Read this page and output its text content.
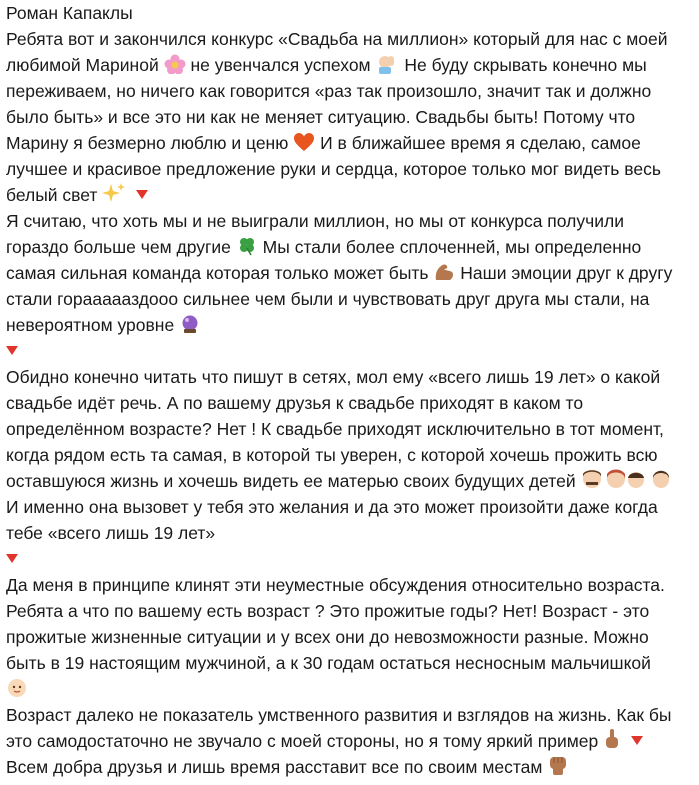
Роман Капаклы
Ребята вот и закончился конкурс «Свадьба на миллион» который для нас с моей
любимой Мариной не увенчался успехом Не буду скрывать конечно мы
переживаем, но ничего как говорится «раз так произошло, значит так и должно
было быть» и все это ни как не меняет ситуацию. Свадьбы быть! Потому что
Марину я безмерно люблю и ценю И в ближайшее время я сделаю, самое
лучшее и красивое предложение руки и сердца, которое только мог видеть весь
белый свет
Я считаю, что хоть мы и не выиграли миллион, но мы от конкурса получили
гораздо больше чем другие Мы стали более сплоченней, мы определенно
самая сильная команда которая только может быть Наши эмоции друг к другу
стали гораааааздооо сильнее чем были и чувствовать друг друга мы стали, на
невероятном уровне
Обидно конечно читать что пишут в сетях, мол ему «всего лишь 19 лет» о какой
свадьбе идёт речь. А по вашему друзья к свадьбе приходят в каком то
определённом возрасте? Нет ! К свадьбе приходят исключительно в тот момент,
когда рядом есть та самая, в которой ты уверен, с которой хочешь прожить всю
оставшуюся жизнь и хочешь видеть ее матерью своих будущих детей
И именно она вызовет у тебя это желания и да это может произойти даже когда
тебе «всего лишь 19 лет»
Да меня в принципе клинят эти неуместные обсуждения относительно возраста.
Ребята а что по вашему есть возраст ? Это прожитые годы? Нет! Возраст - это
прожитые жизненные ситуации и у всех они до невозможности разные. Можно
быть в 19 настоящим мужчиной, а к 30 годам остаться несносным мальчишкой
Возраст далеко не показатель умственного развития и взглядов на жизнь. Как бы
это самодостаточно не звучало с моей стороны, но я тому яркий пример
Всем добра друзья и лишь время расставит все по своим местам
